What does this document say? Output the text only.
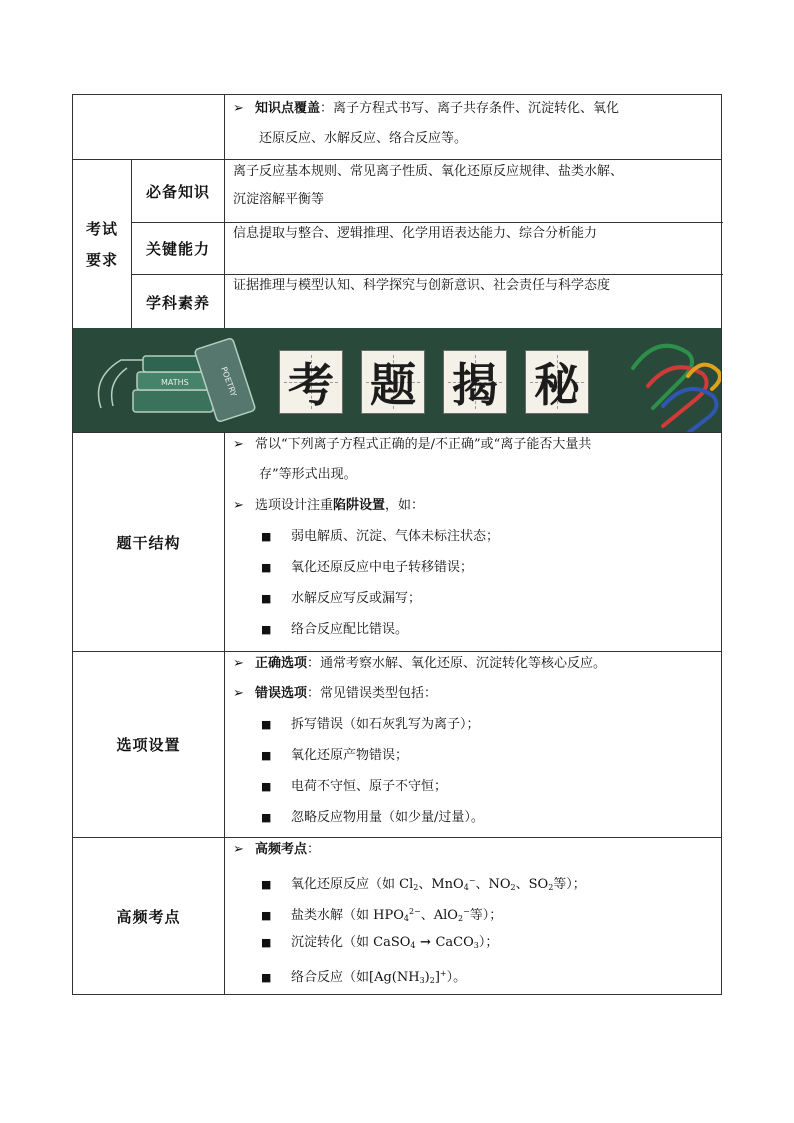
➢ 知识点覆盖：离子方程式书写、离子共存条件、沉淀转化、氧化
还原反应、水解反应、络合反应等。
考试
要求
必备知识
离子反应基本规则、常见离子性质、氧化还原反应规律、盐类水解、
沉淀溶解平衡等
关键能力
信息提取与整合、逻辑推理、化学用语表达能力、综合分析能力
学科素养
证据推理与模型认知、科学探究与创新意识、社会责任与科学态度
MATHS	POETRY 考 题 揭 秘
题干结构
➢ 常以“下列离子方程式正确的是/不正确”或“离子能否大量共
存”等形式出现。
➢ 选项设计注重陷阱设置，如：
■ 弱电解质、沉淀、气体未标注状态；
■ 氧化还原反应中电子转移错误；
■ 水解反应写反或漏写；
■ 络合反应配比错误。
选项设置
➢ 正确选项：通常考察水解、氧化还原、沉淀转化等核心反应。
➢ 错误选项：常见错误类型包括：
■ 拆写错误（如石灰乳写为离子）；
■ 氧化还原产物错误；
■ 电荷不守恒、原子不守恒；
■ 忽略反应物用量（如少量/过量）。
高频考点
➢ 高频考点：
■ 氧化还原反应（如 $Cl_2$、MnO$_4$−、$NO_2$、$SO_2$等）；
■ 盐类水解（如 $HPO_4^{2-}$、AlO$_2$−等）；
■ 沉淀转化（如 CaSO$_4$ → CaCO$_3$）；
■ 络合反应（如$[Ag(NH_3)_2]^+$）。
